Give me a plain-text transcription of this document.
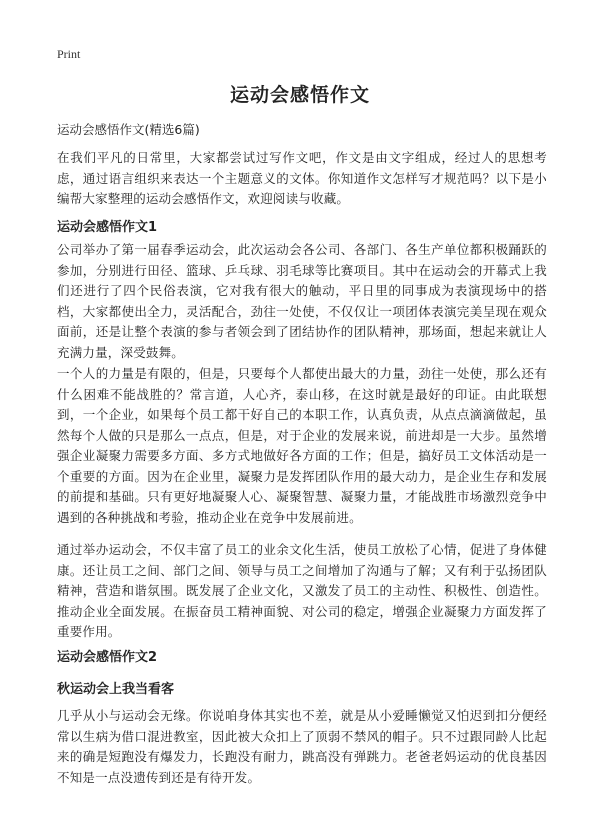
Print
运动会感悟作文
运动会感悟作文(精选6篇)
在我们平凡的日常里，大家都尝试过写作文吧，作文是由文字组成，经过人的思想考虑，通过语言组织来表达一个主题意义的文体。你知道作文怎样写才规范吗？以下是小编帮大家整理的运动会感悟作文，欢迎阅读与收藏。
运动会感悟作文1
公司举办了第一届春季运动会，此次运动会各公司、各部门、各生产单位都积极踊跃的参加，分别进行田径、篮球、乒乓球、羽毛球等比赛项目。其中在运动会的开幕式上我们还进行了四个民俗表演，它对我有很大的触动，平日里的同事成为表演现场中的搭档，大家都使出全力，灵活配合，劲往一处使，不仅仅让一项团体表演完美呈现在观众面前，还是让整个表演的参与者领会到了团结协作的团队精神，那场面，想起来就让人充满力量，深受鼓舞。
一个人的力量是有限的，但是，只要每个人都使出最大的力量，劲往一处使，那么还有什么困难不能战胜的？常言道，人心齐，泰山移，在这时就是最好的印证。由此联想到，一个企业，如果每个员工都干好自己的本职工作，认真负责，从点点滴滴做起，虽然每个人做的只是那么一点点，但是，对于企业的发展来说，前进却是一大步。虽然增强企业凝聚力需要多方面、多方式地做好各方面的工作；但是，搞好员工文体活动是一个重要的方面。因为在企业里，凝聚力是发挥团队作用的最大动力，是企业生存和发展的前提和基础。只有更好地凝聚人心、凝聚智慧、凝聚力量，才能战胜市场激烈竞争中遇到的各种挑战和考验，推动企业在竞争中发展前进。
通过举办运动会，不仅丰富了员工的业余文化生活，使员工放松了心情，促进了身体健康。还让员工之间、部门之间、领导与员工之间增加了沟通与了解；又有利于弘扬团队精神，营造和谐氛围。既发展了企业文化，又激发了员工的主动性、积极性、创造性。推动企业全面发展。在振奋员工精神面貌、对公司的稳定，增强企业凝聚力方面发挥了重要作用。
运动会感悟作文2
秋运动会上我当看客
几乎从小与运动会无缘。你说咱身体其实也不差，就是从小爱睡懒觉又怕迟到扣分便经常以生病为借口混进教室，因此被大众扣上了顶弱不禁风的帽子。只不过跟同龄人比起来的确是短跑没有爆发力，长跑没有耐力，跳高没有弹跳力。老爸老妈运动的优良基因不知是一点没遗传到还是有待开发。
